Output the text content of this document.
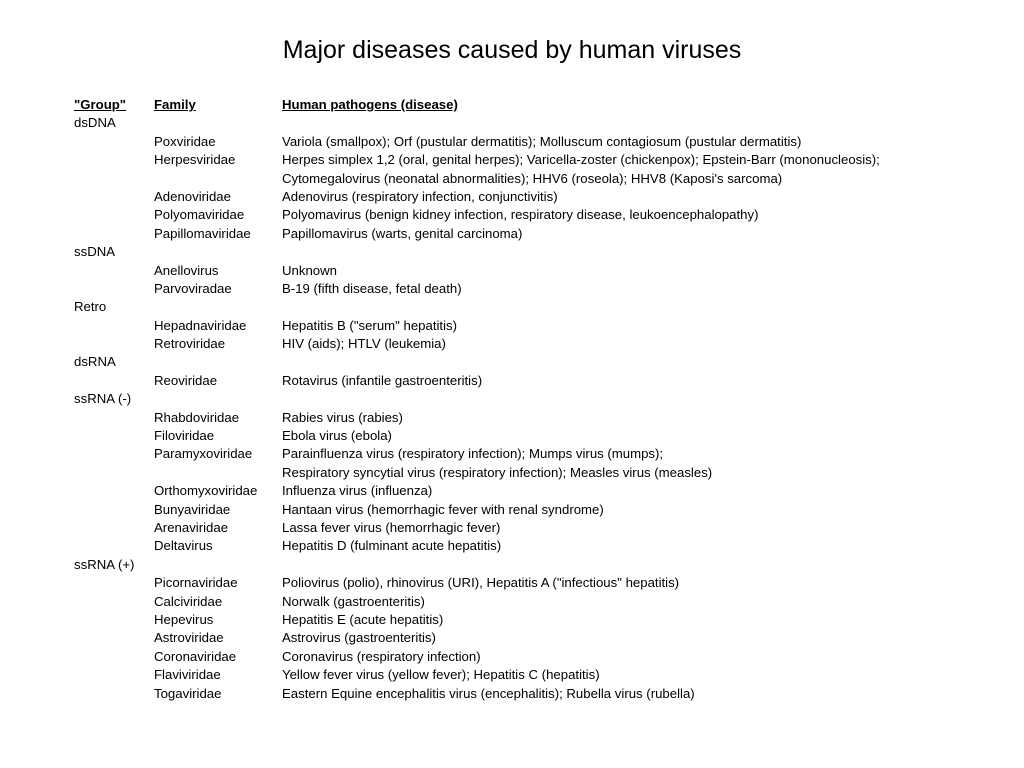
Major diseases caused by human viruses
"Group" Family	Human pathogens (disease)
dsDNA
Poxviridae	Variola (smallpox); Orf (pustular dermatitis); Molluscum contagiosum (pustular dermatitis)
Herpesviridae	Herpes simplex 1,2 (oral, genital herpes); Varicella-zoster (chickenpox); Epstein-Barr (mononucleosis);
Cytomegalovirus (neonatal abnormalities); HHV6 (roseola); HHV8 (Kaposi's sarcoma)
Adenoviridae	Adenovirus (respiratory infection, conjunctivitis)
Polyomaviridae	Polyomavirus (benign kidney infection, respiratory disease, leukoencephalopathy)
Papillomaviridae Papillomavirus (warts, genital carcinoma)
ssDNA
Anellovirus	Unknown
Parvoviradae	B-19 (fifth disease, fetal death)
Retro
Hepadnaviridae	Hepatitis B ("serum" hepatitis)
Retroviridae	HIV (aids); HTLV (leukemia)
dsRNA
Reoviridae	Rotavirus (infantile gastroenteritis)
ssRNA (-)
Rhabdoviridae	Rabies virus (rabies)
Filoviridae	Ebola virus (ebola)
Paramyxoviridae Parainfluenza virus (respiratory infection); Mumps virus (mumps);
Respiratory syncytial virus (respiratory infection); Measles virus (measles)
Orthomyxoviridae Influenza virus (influenza)
Bunyaviridae	Hantaan virus (hemorrhagic fever with renal syndrome)
Arenaviridae	Lassa fever virus (hemorrhagic fever)
Deltavirus	Hepatitis D (fulminant acute hepatitis)
ssRNA (+)
Picornaviridae	Poliovirus (polio), rhinovirus (URI), Hepatitis A ("infectious" hepatitis)
Calciviridae	Norwalk (gastroenteritis)
Hepevirus	Hepatitis E (acute hepatitis)
Astroviridae	Astrovirus (gastroenteritis)
Coronaviridae	Coronavirus (respiratory infection)
Flaviviridae	Yellow fever virus (yellow fever); Hepatitis C (hepatitis)
Togaviridae	Eastern Equine encephalitis virus (encephalitis); Rubella virus (rubella)
